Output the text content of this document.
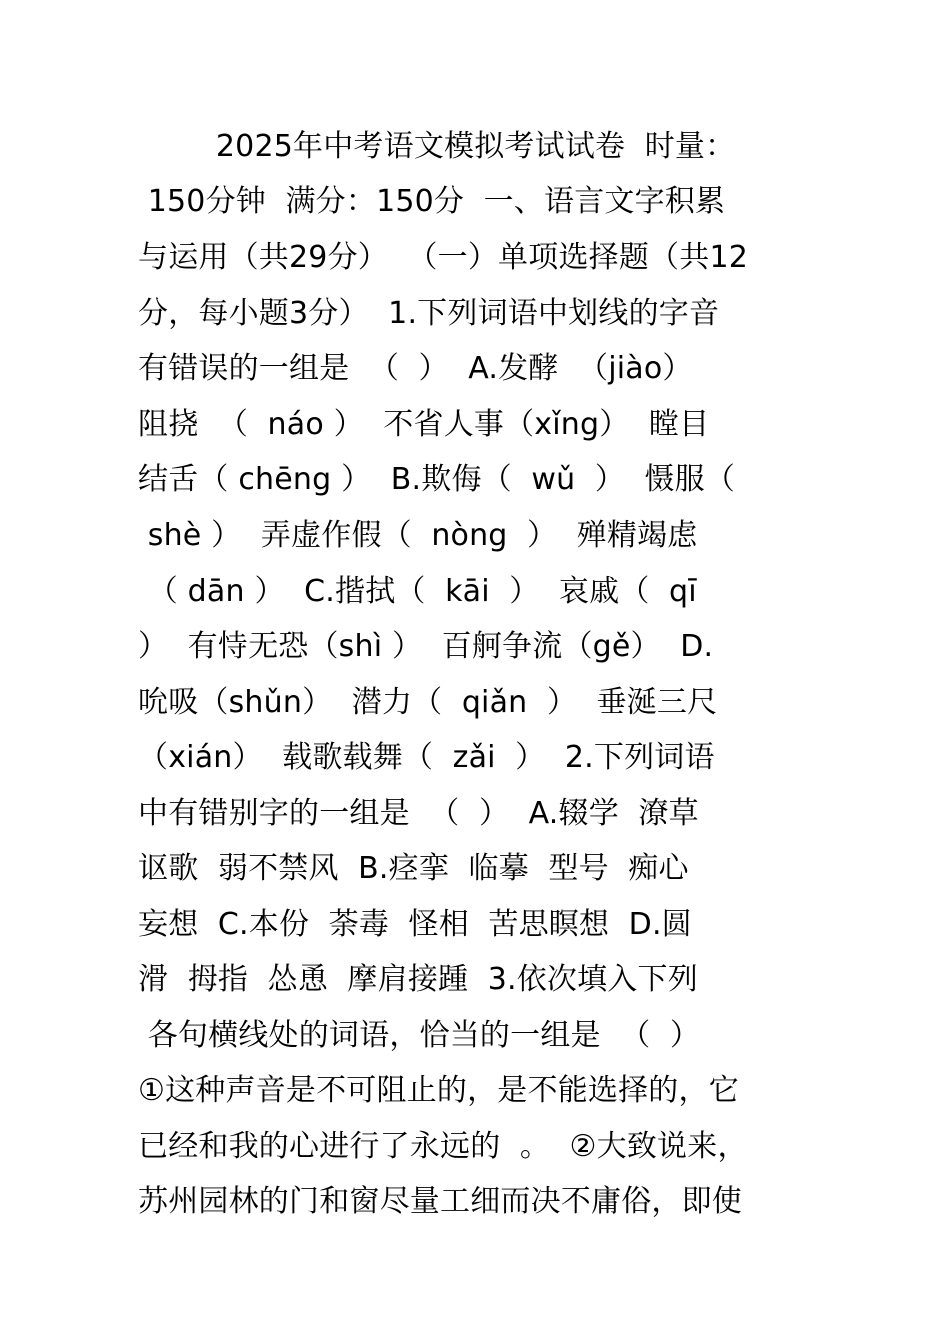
2025年中考语文模拟考试试卷  时量：
150分钟  满分：150分  一、语言文字积累
与运用（共29分）  （一）单项选择题（共12
分，每小题3分）  1.下列词语中划线的字音
有错误的一组是  （  ）  A.发酵  （jiào）
阻挠  （  náo ）  不省人事（xǐng）  瞠目
结舌（ chēng ）  B.欺侮（  wǔ  ）  慑服（
shè ）  弄虚作假（  nòng  ）  殚精竭虑
（ dān ）  C.揩拭（  kāi  ）  哀戚（  qī
）  有恃无恐（shì ）  百舸争流（gě）  D.
吮吸（shǔn）  潜力（  qiǎn  ）  垂涎三尺
（xián）  载歌载舞（  zǎi  ）  2.下列词语
中有错别字的一组是  （  ）  A.辍学  潦草
讴歌  弱不禁风  B.痉挛  临摹  型号  痴心
妄想  C.本份  荼毒  怪相  苦思瞑想  D.圆
滑  拇指  怂恿  摩肩接踵  3.依次填入下列
各句横线处的词语，恰当的一组是  （  ）
①这种声音是不可阻止的，是不能选择的，它
已经和我的心进行了永远的  。  ②大致说来，
苏州园林的门和窗尽量工细而决不庸俗，即使
